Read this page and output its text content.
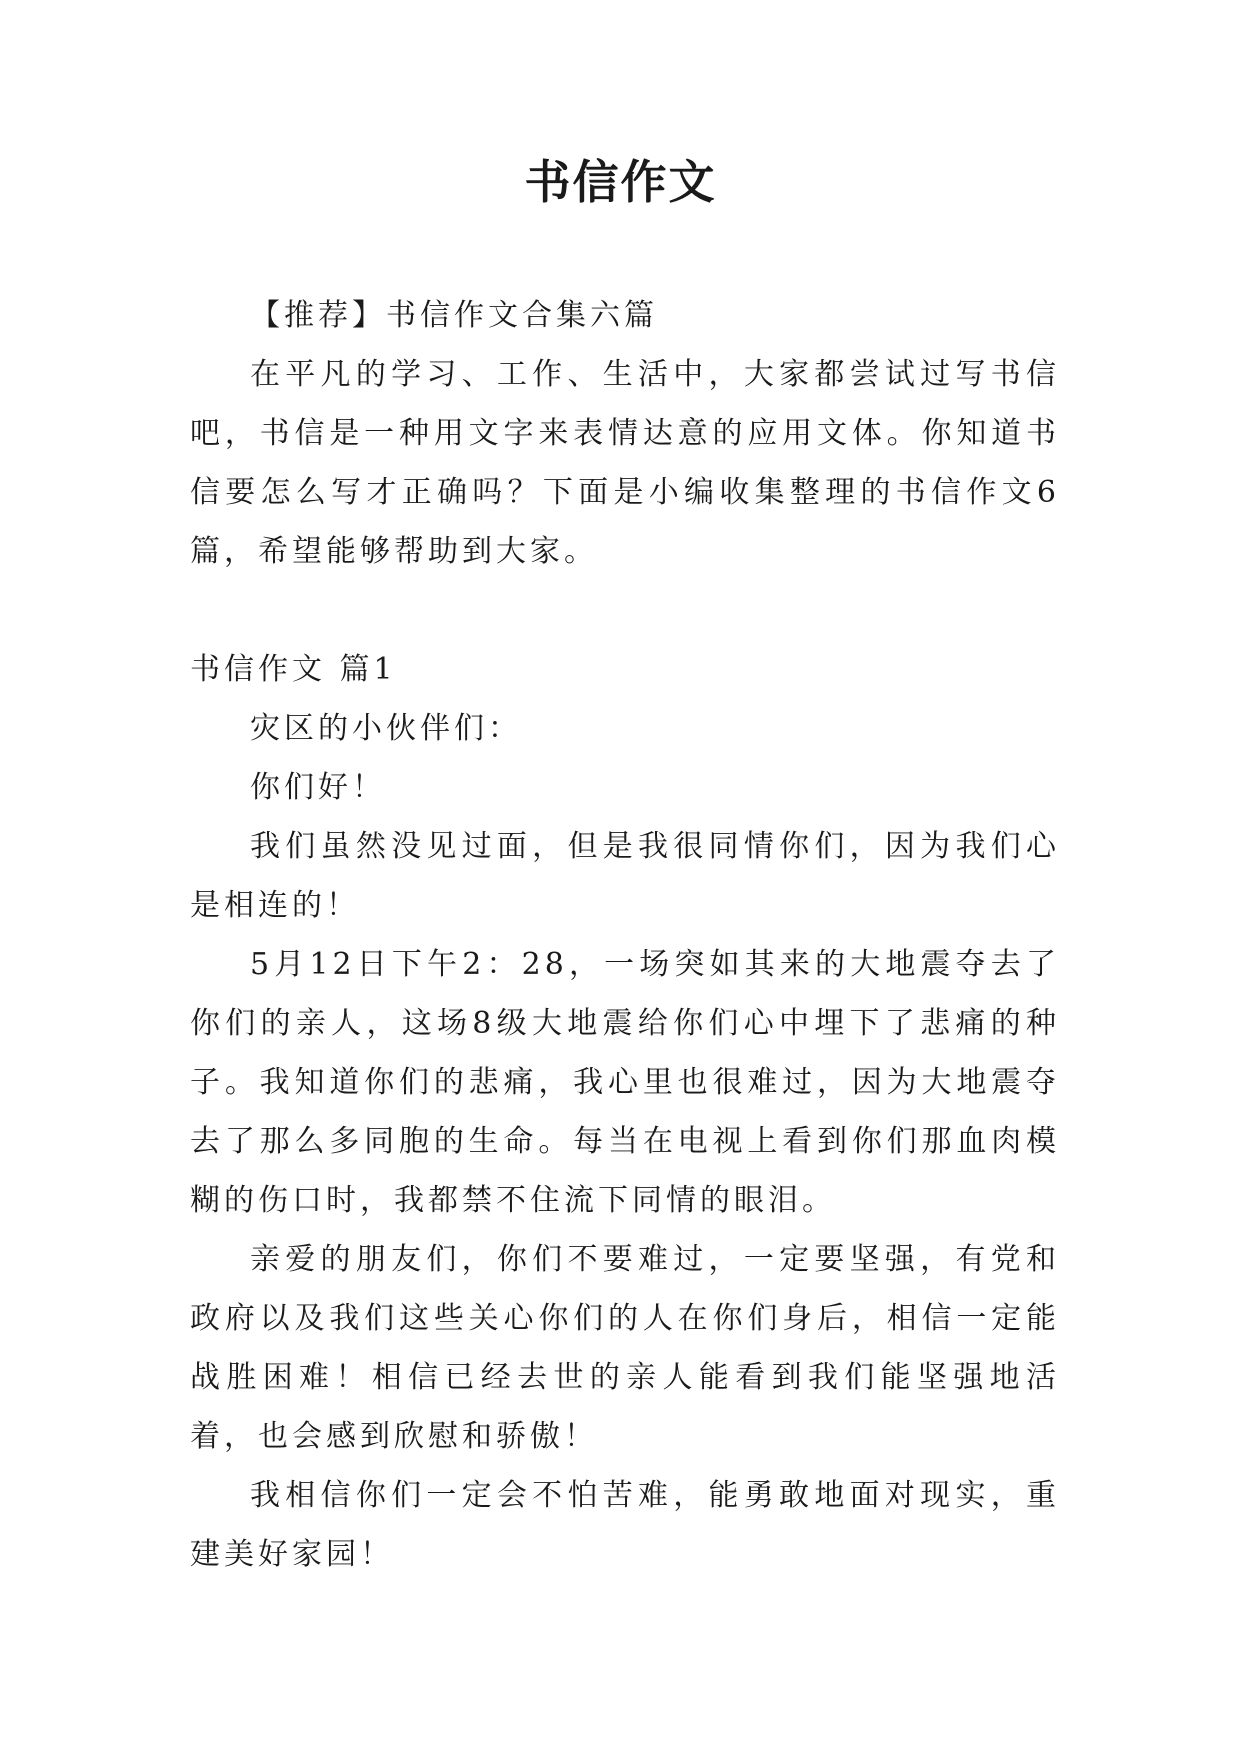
书信作文

【推荐】书信作文合集六篇

在平凡的学习、工作、生活中，大家都尝试过写书信吧，书信是一种用文字来表情达意的应用文体。你知道书信要怎么写才正确吗？下面是小编收集整理的书信作文6篇，希望能够帮助到大家。

书信作文 篇1

灾区的小伙伴们：

你们好！

我们虽然没见过面，但是我很同情你们，因为我们心是相连的！

5月12日下午2：28，一场突如其来的大地震夺去了你们的亲人，这场8级大地震给你们心中埋下了悲痛的种子。我知道你们的悲痛，我心里也很难过，因为大地震夺去了那么多同胞的生命。每当在电视上看到你们那血肉模糊的伤口时，我都禁不住流下同情的眼泪。

亲爱的朋友们，你们不要难过，一定要坚强，有党和政府以及我们这些关心你们的人在你们身后，相信一定能战胜困难！相信已经去世的亲人能看到我们能坚强地活着，也会感到欣慰和骄傲！

我相信你们一定会不怕苦难，能勇敢地面对现实，重建美好家园！
